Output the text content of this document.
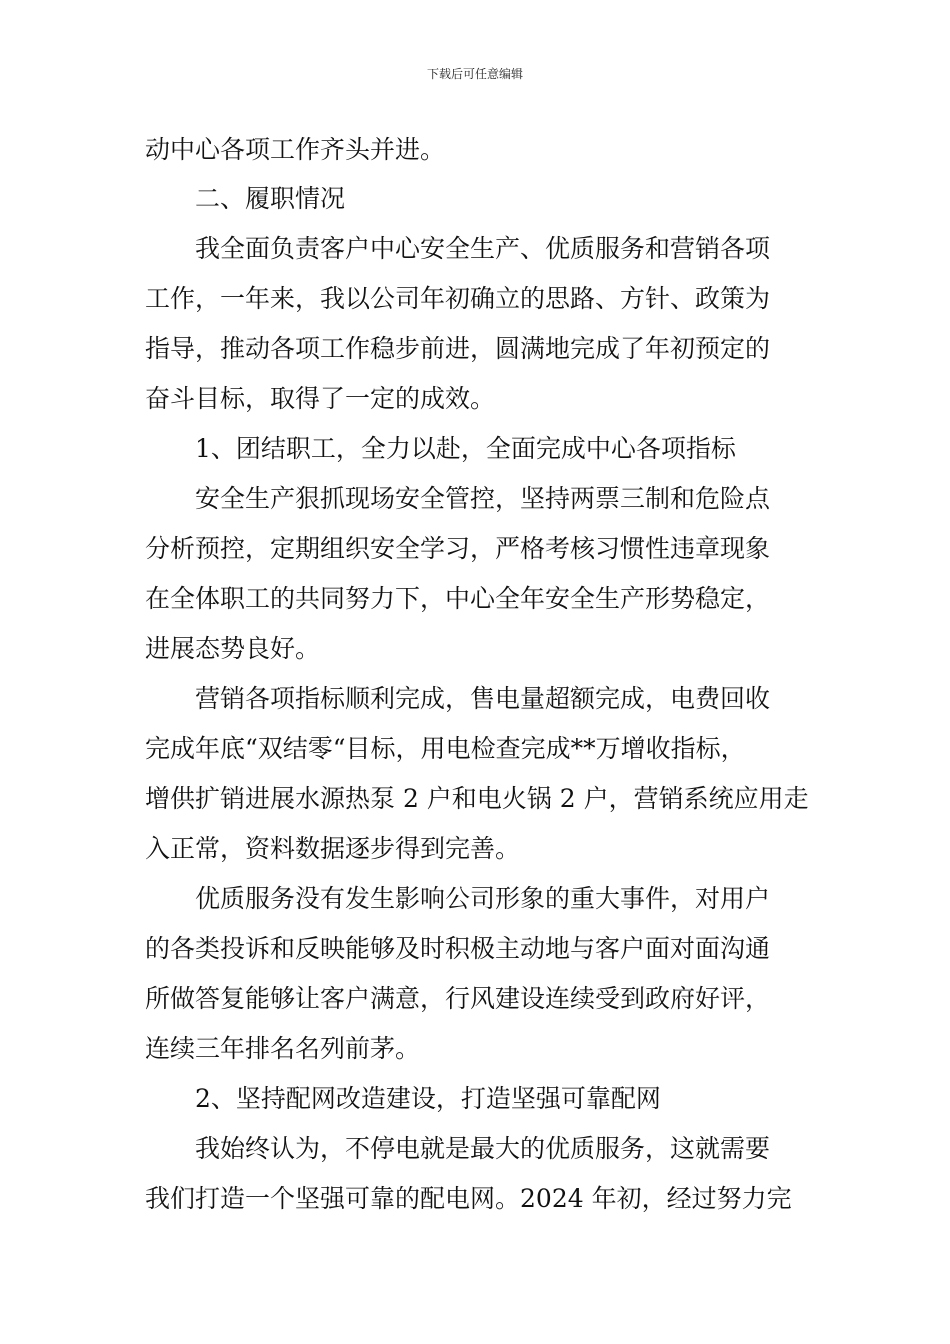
下载后可任意编辑
动中心各项工作齐头并进。
二、履职情况
我全面负责客户中心安全生产、优质服务和营销各项
工作，一年来，我以公司年初确立的思路、方针、政策为
指导，推动各项工作稳步前进，圆满地完成了年初预定的
奋斗目标，取得了一定的成效。
1、团结职工，全力以赴，全面完成中心各项指标
安全生产狠抓现场安全管控，坚持两票三制和危险点
分析预控，定期组织安全学习，严格考核习惯性违章现象
在全体职工的共同努力下，中心全年安全生产形势稳定，
进展态势良好。
营销各项指标顺利完成，售电量超额完成，电费回收
完成年底“双结零“目标，用电检查完成**万增收指标，
增供扩销进展水源热泵 2 户和电火锅 2 户，营销系统应用走
入正常，资料数据逐步得到完善。
优质服务没有发生影响公司形象的重大事件，对用户
的各类投诉和反映能够及时积极主动地与客户面对面沟通
所做答复能够让客户满意，行风建设连续受到政府好评，
连续三年排名名列前茅。
2、坚持配网改造建设，打造坚强可靠配网
我始终认为，不停电就是最大的优质服务，这就需要
我们打造一个坚强可靠的配电网。2024 年初，经过努力完
